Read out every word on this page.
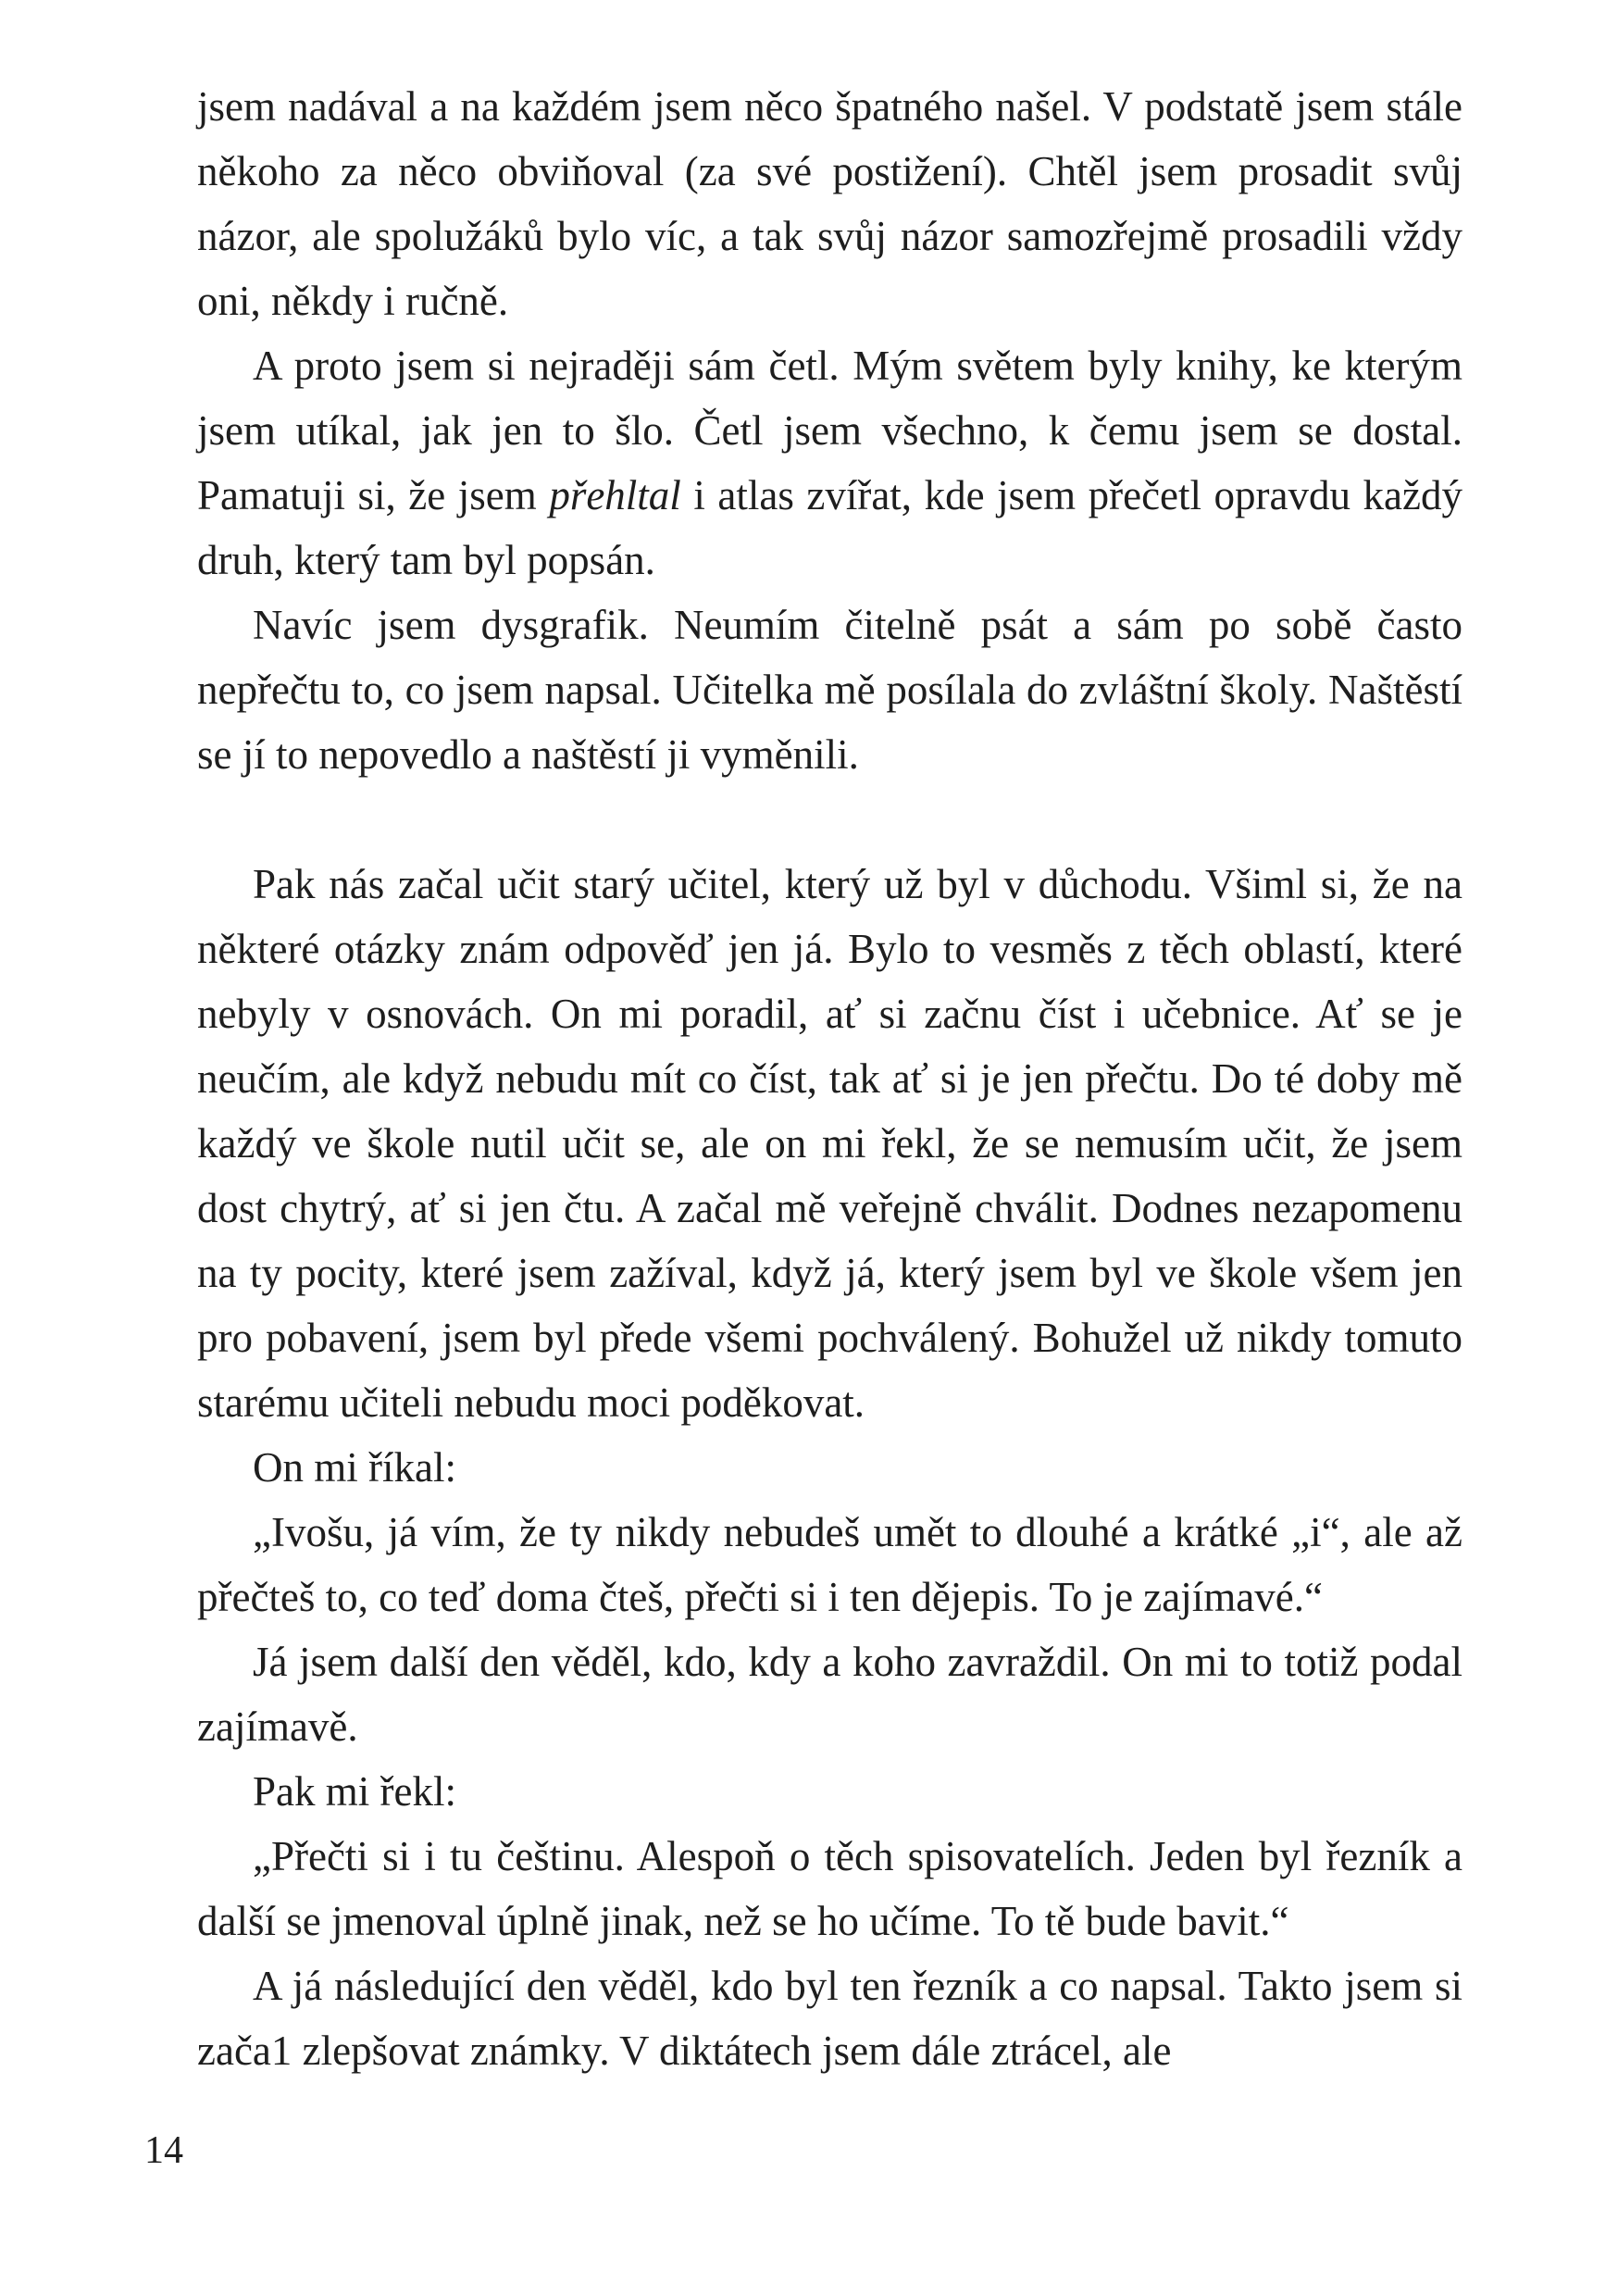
jsem nadával a na každém jsem něco špatného našel. V podstatě jsem stále někoho za něco obviňoval (za své postižení). Chtěl jsem prosadit svůj názor, ale spolužáků bylo víc, a tak svůj názor samozřejmě prosadili vždy oni, někdy i ručně.

A proto jsem si nejraději sám četl. Mým světem byly knihy, ke kterým jsem utíkal, jak jen to šlo. Četl jsem všechno, k čemu jsem se dostal. Pamatuji si, že jsem přehltal i atlas zvířat, kde jsem přečetl opravdu každý druh, který tam byl popsán.

Navíc jsem dysgrafik. Neumím čitelně psát a sám po sobě často nepřečtu to, co jsem napsal. Učitelka mě posílala do zvláštní školy. Naštěstí se jí to nepovedlo a naštěstí ji vyměnili.

Pak nás začal učit starý učitel, který už byl v důchodu. Všiml si, že na některé otázky znám odpověď jen já. Bylo to vesměs z těch oblastí, které nebyly v osnovách. On mi poradil, ať si začnu číst i učebnice. Ať se je neučím, ale když nebudu mít co číst, tak ať si je jen přečtu. Do té doby mě každý ve škole nutil učit se, ale on mi řekl, že se nemusím učit, že jsem dost chytrý, ať si jen čtu. A začal mě veřejně chválit. Dodnes nezapomenu na ty pocity, které jsem zažíval, když já, který jsem byl ve škole všem jen pro pobavení, jsem byl přede všemi pochválený. Bohužel už nikdy tomuto starému učiteli nebudu moci poděkovat.

On mi říkal:

„Ivošu, já vím, že ty nikdy nebudeš umět to dlouhé a krátké „i“, ale až přečteš to, co teď doma čteš, přečti si i ten dějepis. To je zajímavé.“

Já jsem další den věděl, kdo, kdy a koho zavraždil. On mi to totiž podal zajímavě.

Pak mi řekl:

„Přečti si i tu češtinu. Alespoň o těch spisovatelích. Jeden byl řezník a další se jmenoval úplně jinak, než se ho učíme. To tě bude bavit.“

A já následující den věděl, kdo byl ten řezník a co napsal. Takto jsem si zača1 zlepšovat známky. V diktátech jsem dále ztrácel, ale

14
